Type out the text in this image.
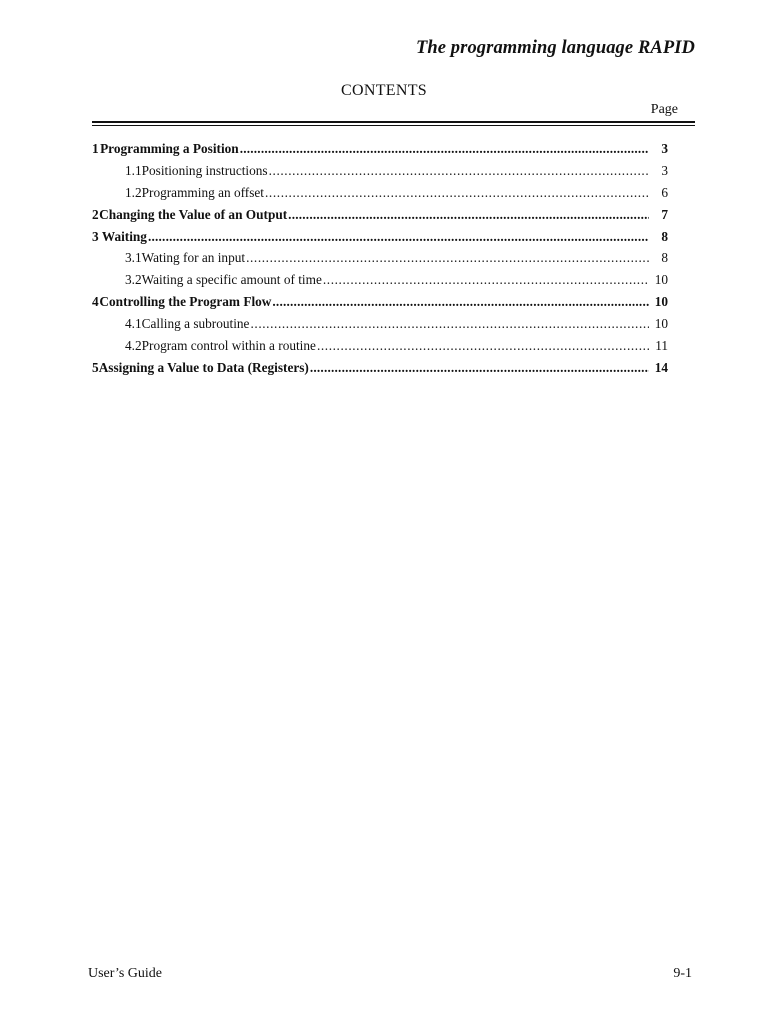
The programming language RAPID
CONTENTS
Page
1 Programming a Position .....	3
1.1 Positioning instructions .....	3
1.2 Programming an offset .....	6
2 Changing the Value of an Output .....	7
3 Waiting .....	8
3.1 Wating for an input .....	8
3.2 Waiting a specific amount of time .....	10
4 Controlling the Program Flow .....	10
4.1 Calling a subroutine .....	10
4.2 Program control within a routine .....	11
5 Assigning a Value to Data (Registers) .....	14
User’s Guide	9-1
